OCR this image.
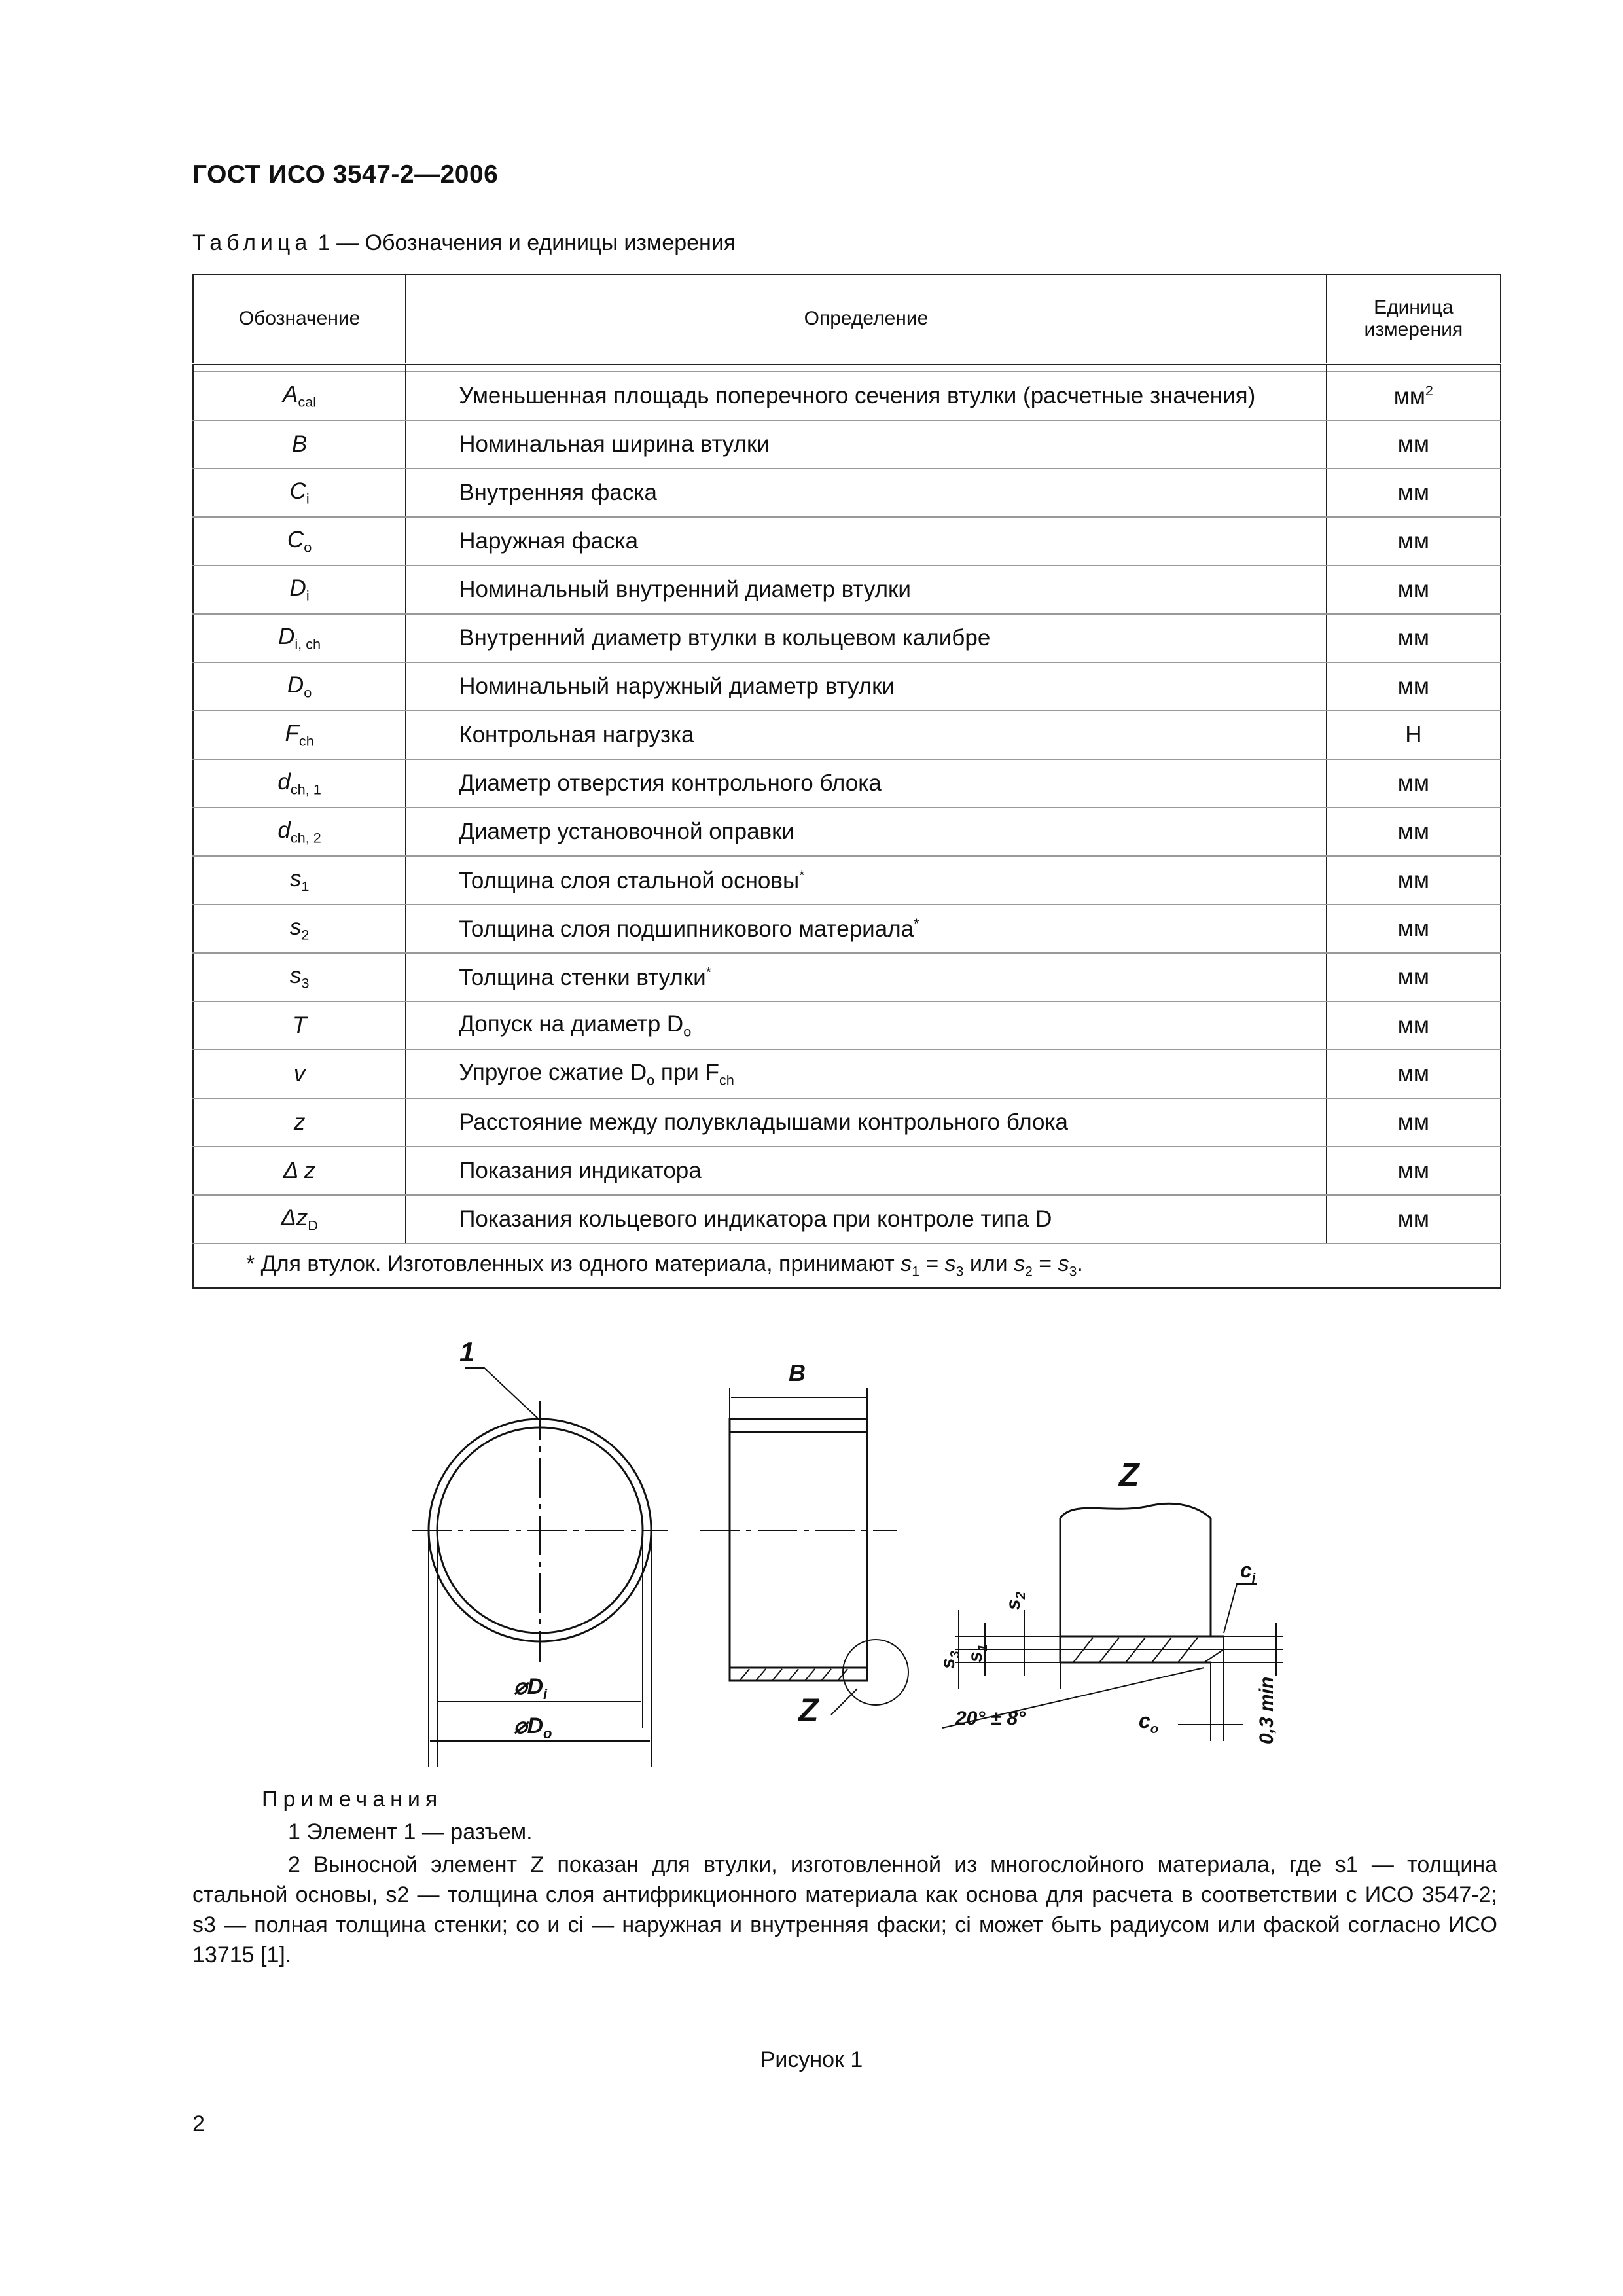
ГОСТ ИСО 3547-2—2006
Таблица 1 — Обозначения и единицы измерения
Обозначение	Определение	Единица
измерения

$A_{cal}$	Уменьшенная площадь поперечного сечения втулки (расчетные значения)	$мм^2$
B	Номинальная ширина втулки	мм
$C_i$	Внутренняя фаска	мм
$C_o$	Наружная фаска	мм
$D_i$	Номинальный внутренний диаметр втулки	мм
$D_{i, ch}$	Внутренний диаметр втулки в кольцевом калибре	мм
$D_o$	Номинальный наружный диаметр втулки	мм
$F_{ch}$	Контрольная нагрузка	Н
$d_{ch, 1}$	Диаметр отверстия контрольного блока	мм
$d_{ch, 2}$	Диаметр установочной оправки	мм
$s_1$	Толщина слоя стальной основы*	мм
$s_2$	Толщина слоя подшипникового материала*	мм
$s_3$	Толщина стенки втулки*	мм
T	Допуск на диаметр $D_o$	мм
v	Упругое сжатие $D_o$ при $F_{ch}$	мм
z	Расстояние между полувкладышами контрольного блока	мм
Δ z	Показания индикатора	мм
$\Delta z_D$	Показания кольцевого индикатора при контроле типа D	мм
* Для втулок. Изготовленных из одного материала, принимают $s_1 = s_3$ или $s_2 = s_3$.		
1
B
Z
Z
$⌀D_i$
$⌀D_o$
20° ± 8°	$c_o$
$c_i$
$s_3$ $s_1$
$s_2$
0,3 min
Примечания
1 Элемент 1 — разъем.
2 Выносной элемент Z показан для втулки, изготовленной из многослойного материала, где s1 — толщина стальной основы, s2 — толщина слоя антифрикционного материала как основа для расчета в соответствии с ИСО 3547-2; s3 — полная толщина стенки; co и ci — наружная и внутренняя фаски; ci может быть радиусом или фаской согласно ИСО 13715 [1].
Рисунок 1
2
